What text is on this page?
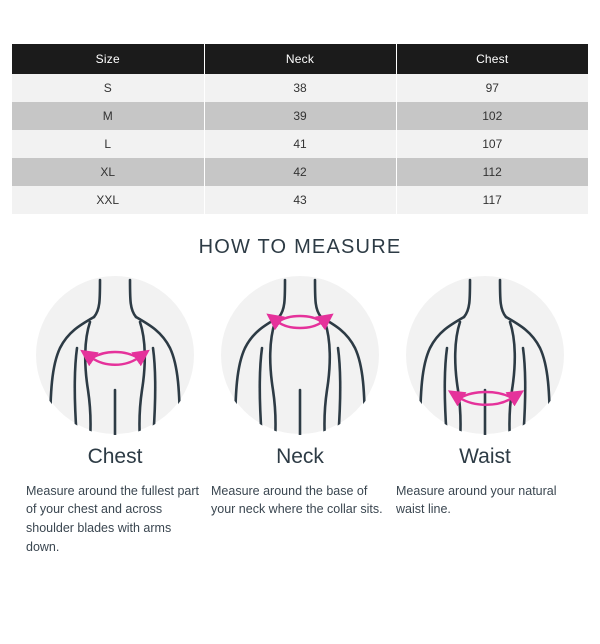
Size	Neck	Chest
S	38	97
M	39	102
L	41	107
XL	42	112
XXL	43	117
HOW TO MEASURE
Chest

Measure around the fullest part of your chest and across shoulder blades with arms down.

Neck

Measure around the base of your neck where the collar sits.

Waist

Measure around your natural waist line.
